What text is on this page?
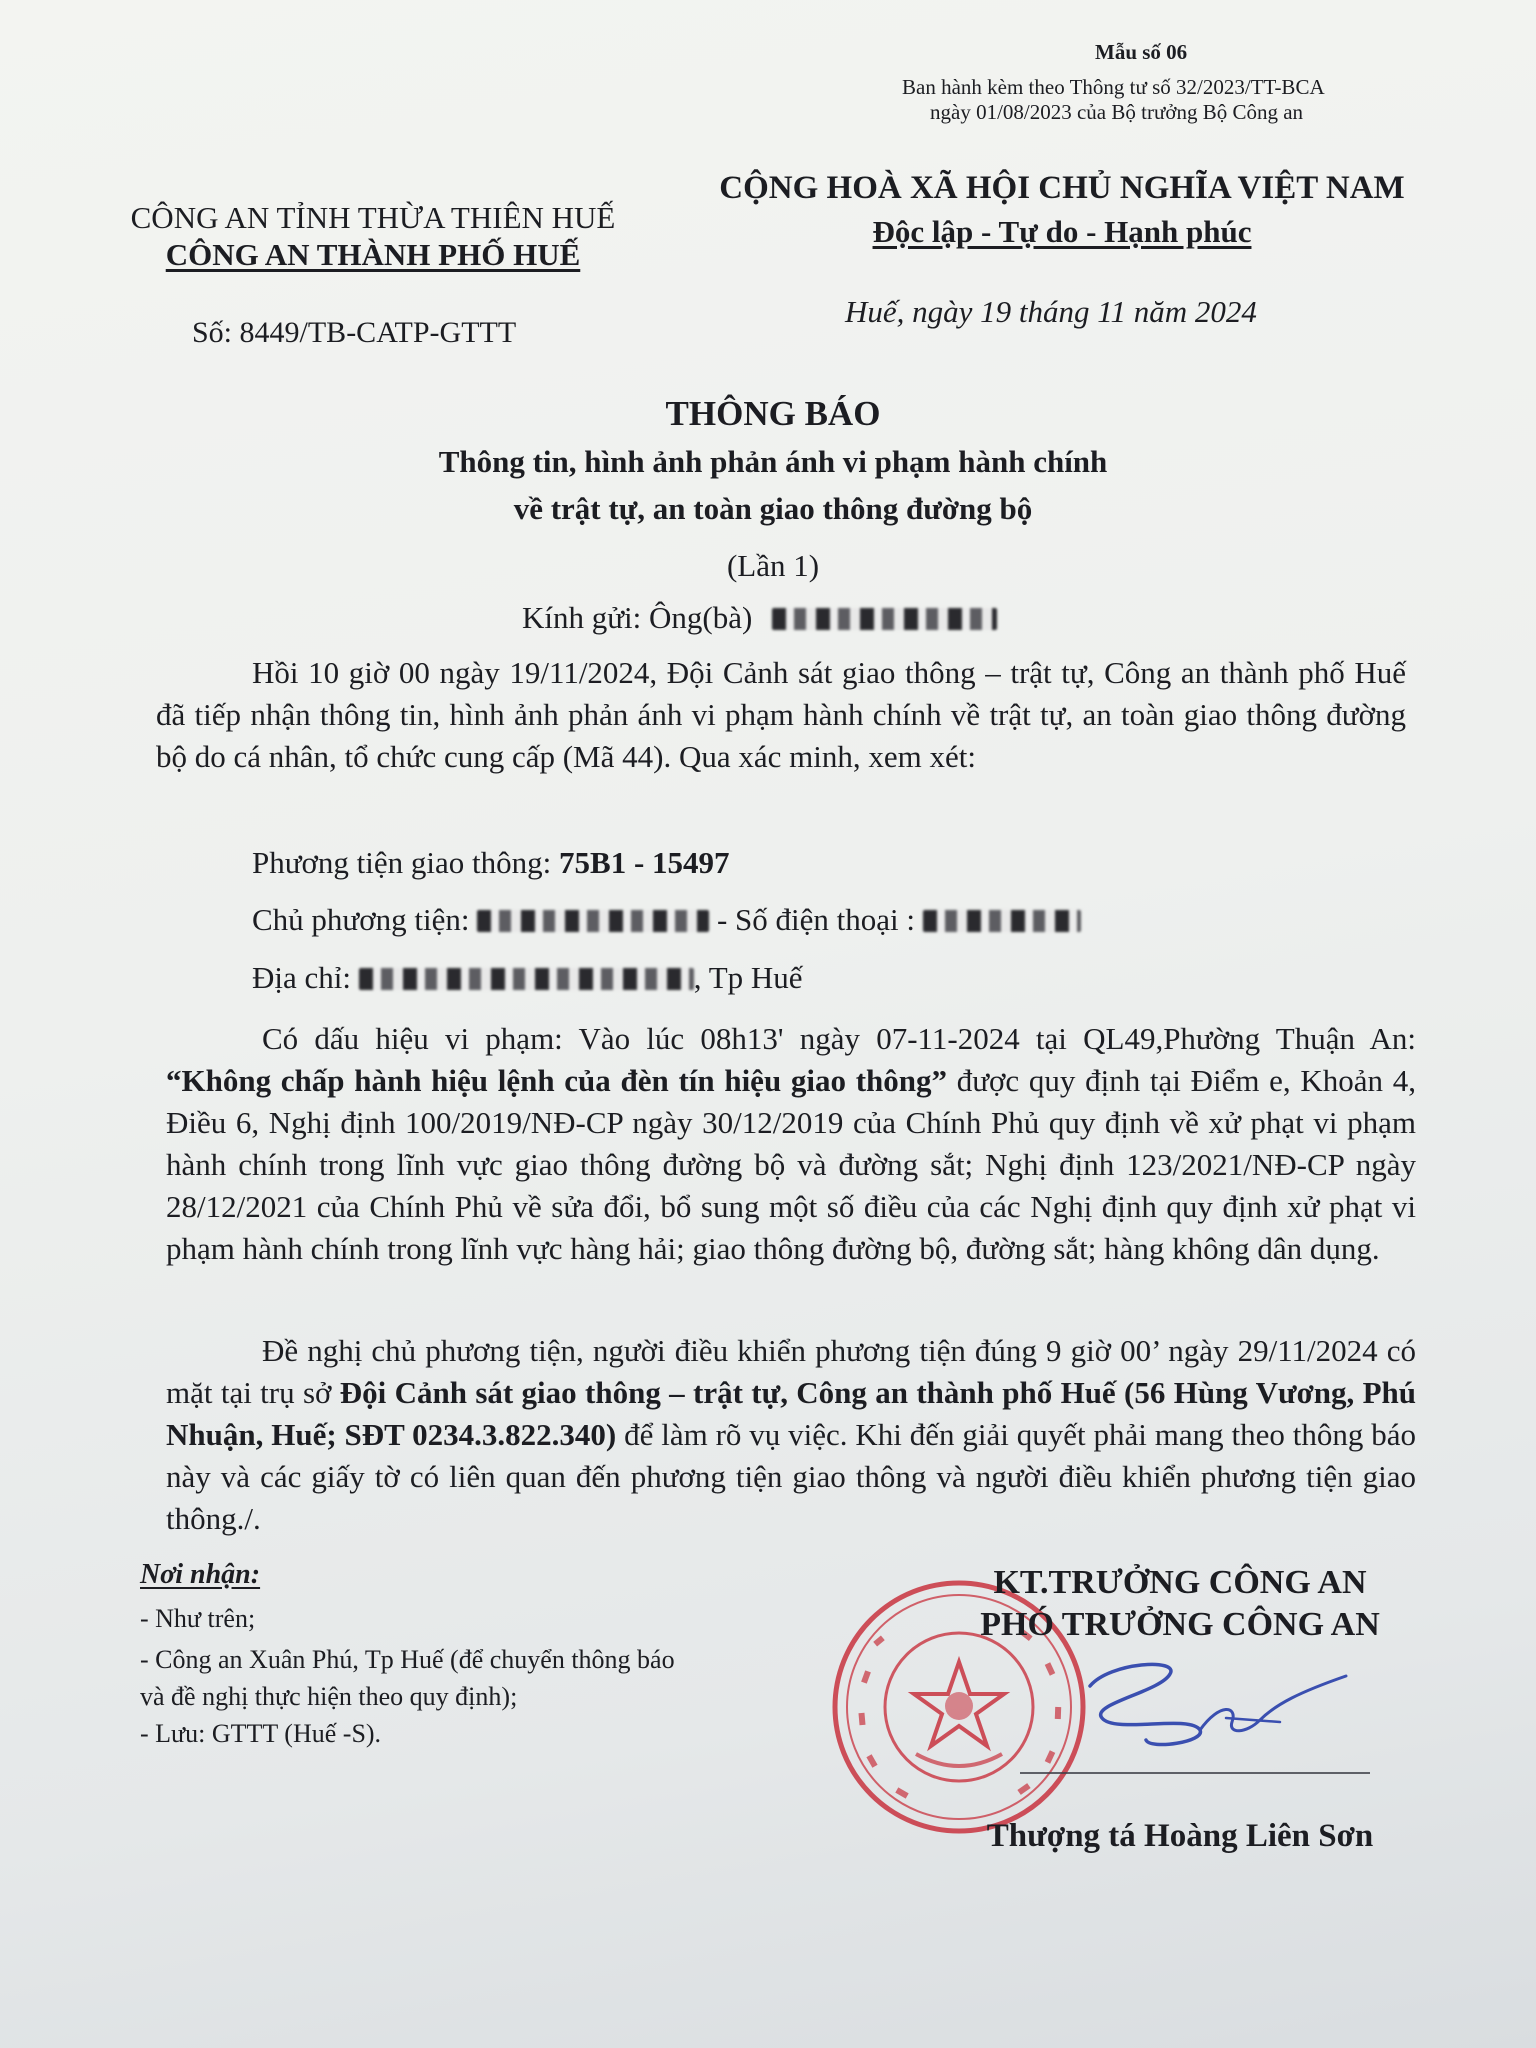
Mẫu số 06
Ban hành kèm theo Thông tư số 32/2023/TT-BCA
ngày 01/08/2023 của Bộ trưởng Bộ Công an
CÔNG AN TỈNH THỪA THIÊN HUẾ
CÔNG AN THÀNH PHỐ HUẾ
Số: 8449/TB-CATP-GTTT
CỘNG HOÀ XÃ HỘI CHỦ NGHĨA VIỆT NAM
Độc lập - Tự do - Hạnh phúc
Huế, ngày 19 tháng 11 năm 2024
THÔNG BÁO
Thông tin, hình ảnh phản ánh vi phạm hành chính
về trật tự, an toàn giao thông đường bộ
(Lần 1)
Kính gửi: Ông(bà)
Hồi 10 giờ 00 ngày 19/11/2024, Đội Cảnh sát giao thông – trật tự, Công an thành phố Huế đã tiếp nhận thông tin, hình ảnh phản ánh vi phạm hành chính về trật tự, an toàn giao thông đường bộ do cá nhân, tổ chức cung cấp (Mã 44). Qua xác minh, xem xét:
Phương tiện giao thông: 75B1 - 15497
Chủ phương tiện:	- Số điện thoại :
Địa chỉ:	, Tp Huế
Có dấu hiệu vi phạm: Vào lúc 08h13' ngày 07-11-2024 tại QL49,Phường Thuận An: “Không chấp hành hiệu lệnh của đèn tín hiệu giao thông” được quy định tại Điểm e, Khoản 4, Điều 6, Nghị định 100/2019/NĐ-CP ngày 30/12/2019 của Chính Phủ quy định về xử phạt vi phạm hành chính trong lĩnh vực giao thông đường bộ và đường sắt; Nghị định 123/2021/NĐ-CP ngày 28/12/2021 của Chính Phủ về sửa đổi, bổ sung một số điều của các Nghị định quy định xử phạt vi phạm hành chính trong lĩnh vực hàng hải; giao thông đường bộ, đường sắt; hàng không dân dụng.
Đề nghị chủ phương tiện, người điều khiển phương tiện đúng 9 giờ 00’ ngày 29/11/2024 có mặt tại trụ sở Đội Cảnh sát giao thông – trật tự, Công an thành phố Huế (56 Hùng Vương, Phú Nhuận, Huế; SĐT 0234.3.822.340) để làm rõ vụ việc. Khi đến giải quyết phải mang theo thông báo này và các giấy tờ có liên quan đến phương tiện giao thông và người điều khiển phương tiện giao thông./.
Nơi nhận:
- Như trên;
- Công an Xuân Phú, Tp Huế (để chuyển thông báo
và đề nghị thực hiện theo quy định);
- Lưu: GTTT (Huế -S).
KT.TRƯỞNG CÔNG AN
PHÓ TRƯỞNG CÔNG AN
Thượng tá Hoàng Liên Sơn
